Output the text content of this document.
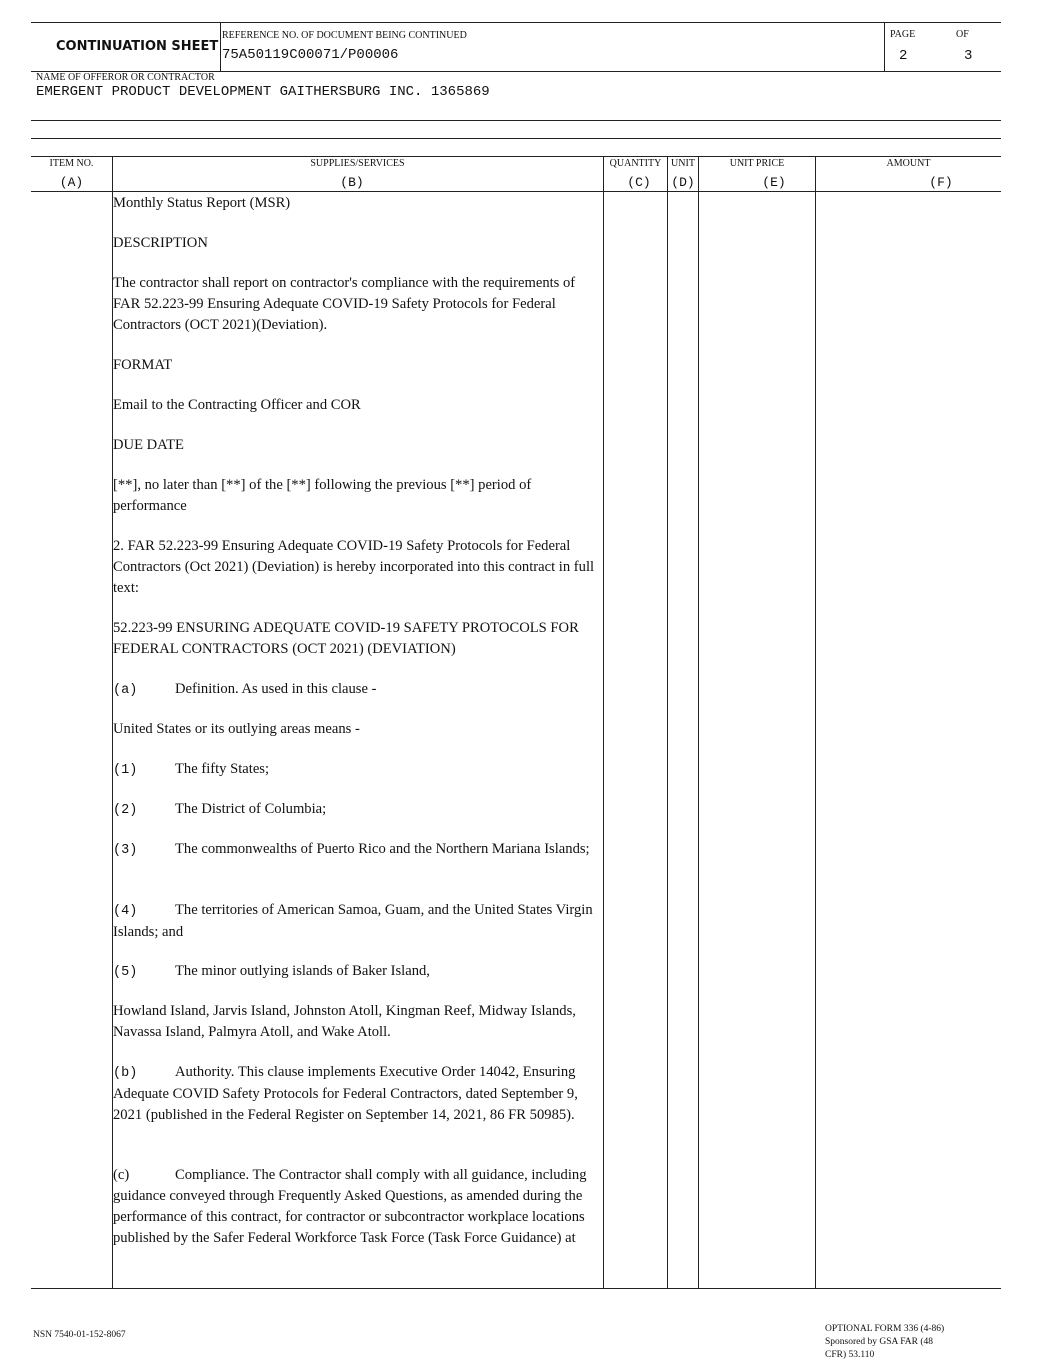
CONTINUATION SHEET
REFERENCE NO. OF DOCUMENT BEING CONTINUED
75A50119C00071/P00006
PAGE	OF
2	3
NAME OF OFFEROR OR CONTRACTOR
EMERGENT PRODUCT DEVELOPMENT GAITHERSBURG INC. 1365869
ITEM NO.	SUPPLIES/SERVICES	QUANTITY UNIT	UNIT PRICE	AMOUNT
(A)	(B)	(C)	(D)	(E)	(F)
Monthly Status Report (MSR)
DESCRIPTION
The contractor shall report on contractor's compliance with the requirements of FAR 52.223-99 Ensuring Adequate COVID-19 Safety Protocols for Federal Contractors (OCT 2021)(Deviation).
FORMAT
Email to the Contracting Officer and COR
DUE DATE
[**], no later than [**] of the [**] following the previous [**] period of performance
2. FAR 52.223-99 Ensuring Adequate COVID-19 Safety Protocols for Federal Contractors (Oct 2021) (Deviation) is hereby incorporated into this contract in full text:
52.223-99 ENSURING ADEQUATE COVID-19 SAFETY PROTOCOLS FOR FEDERAL CONTRACTORS (OCT 2021) (DEVIATION)
(a)	Definition. As used in this clause -
United States or its outlying areas means -
(1)	The fifty States;
(2)	The District of Columbia;
(3)	The commonwealths of Puerto Rico and the Northern Mariana Islands;
(4)	The territories of American Samoa, Guam, and the United States Virgin Islands; and
(5)	The minor outlying islands of Baker Island,
Howland Island, Jarvis Island, Johnston Atoll, Kingman Reef, Midway Islands, Navassa Island, Palmyra Atoll, and Wake Atoll.
(b)	Authority. This clause implements Executive Order 14042, Ensuring Adequate COVID Safety Protocols for Federal Contractors, dated September 9, 2021 (published in the Federal Register on September 14, 2021, 86 FR 50985).
(c)	Compliance. The Contractor shall comply with all guidance, including guidance conveyed through Frequently Asked Questions, as amended during the performance of this contract, for contractor or subcontractor workplace locations published by the Safer Federal Workforce Task Force (Task Force Guidance) at
NSN 7540-01-152-8067
OPTIONAL FORM 336 (4-86)
Sponsored by GSA FAR (48
CFR) 53.110
